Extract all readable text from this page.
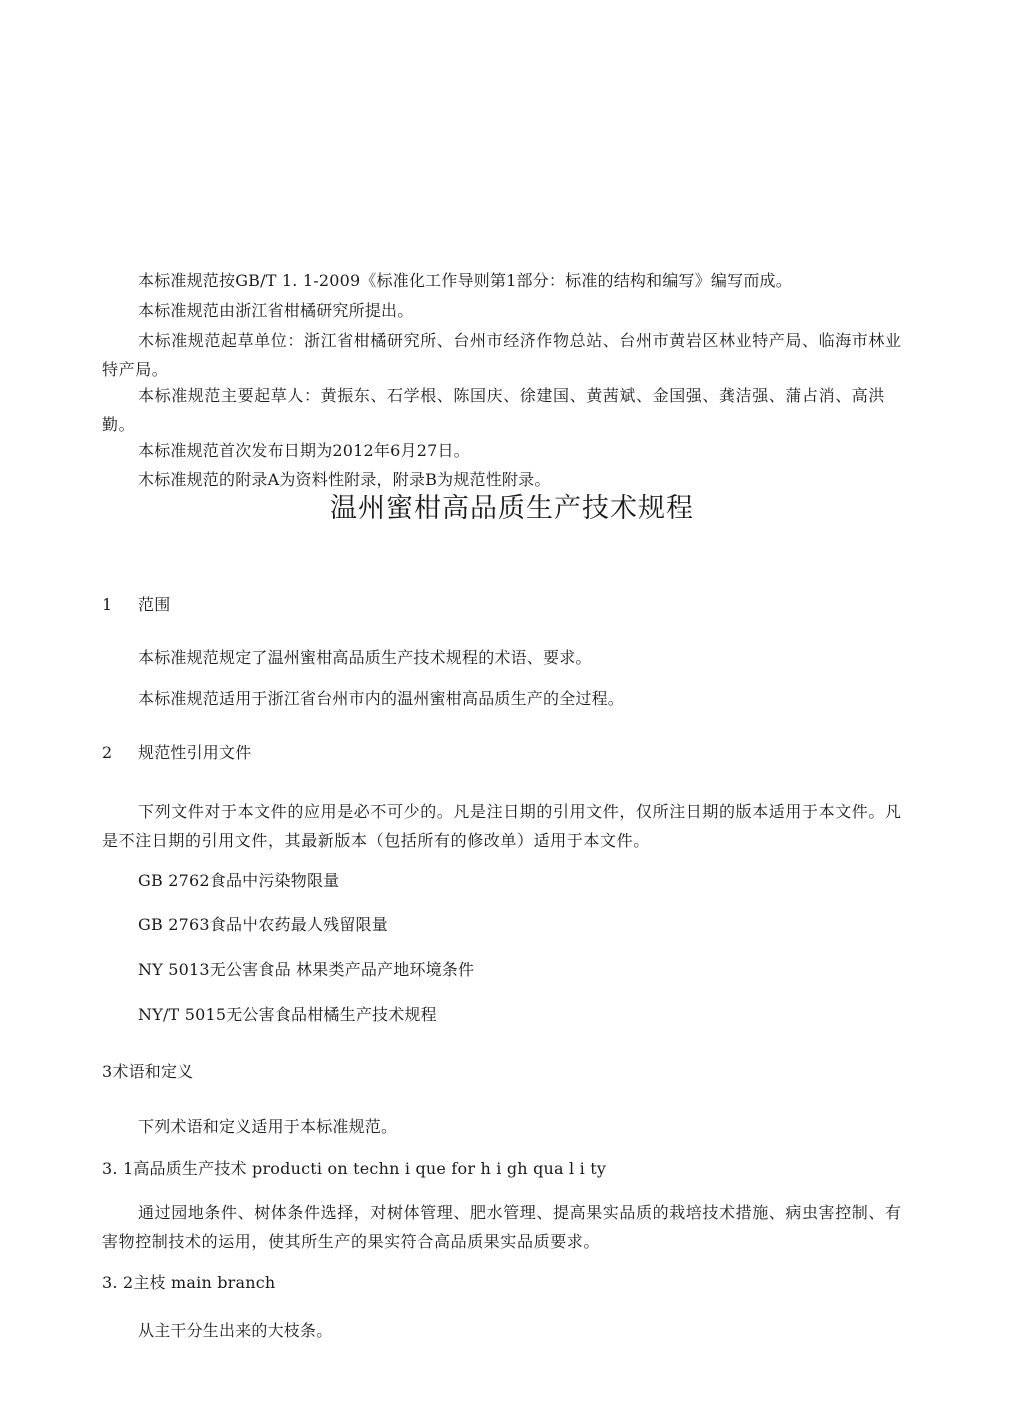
本标准规范按GB/T 1. 1-2009《标准化工作导则第1部分：标准的结构和编写》编写而成。
本标准规范由浙江省柑橘研究所提出。
木标准规范起草单位：浙江省柑橘研究所、台州市经济作物总站、台州市黄岩区林业特产局、临海市林业特产局。
本标准规范主要起草人：黄振东、石学根、陈国庆、徐建国、黄茜斌、金国强、龚洁强、蒲占消、高洪勤。
本标准规范首次发布日期为2012年6月27日。
木标准规范的附录A为资料性附录，附录B为规范性附录。
温州蜜柑高品质生产技术规程
1 范围
本标准规范规定了温州蜜柑高品质生产技术规程的术语、要求。
本标准规范适用于浙江省台州市内的温州蜜柑高品质生产的全过程。
2 规范性引用文件
下列文件对于本文件的应用是必不可少的。凡是注日期的引用文件，仅所注日期的版本适用于本文件。凡是不注日期的引用文件，其最新版本（包括所有的修改单）适用于本文件。
GB 2762食品中污染物限量
GB 2763食品屮农药最人残留限量
NY 5013无公害食品 林果类产品产地环境条件
NY/T 5015无公害食品柑橘生产技术规程
3术语和定义
下列术语和定义适用于本标准规范。
3. 1高品质生产技术 producti on techn i que for h i gh qua l i ty
通过园地条件、树体条件选择，对树体管理、肥水管理、提高果实品质的栽培技术措施、病虫害控制、有害物控制技术的运用，使其所生产的果实符合高品质果实品质要求。
3. 2主枝 main branch
从主干分生出来的大枝条。
